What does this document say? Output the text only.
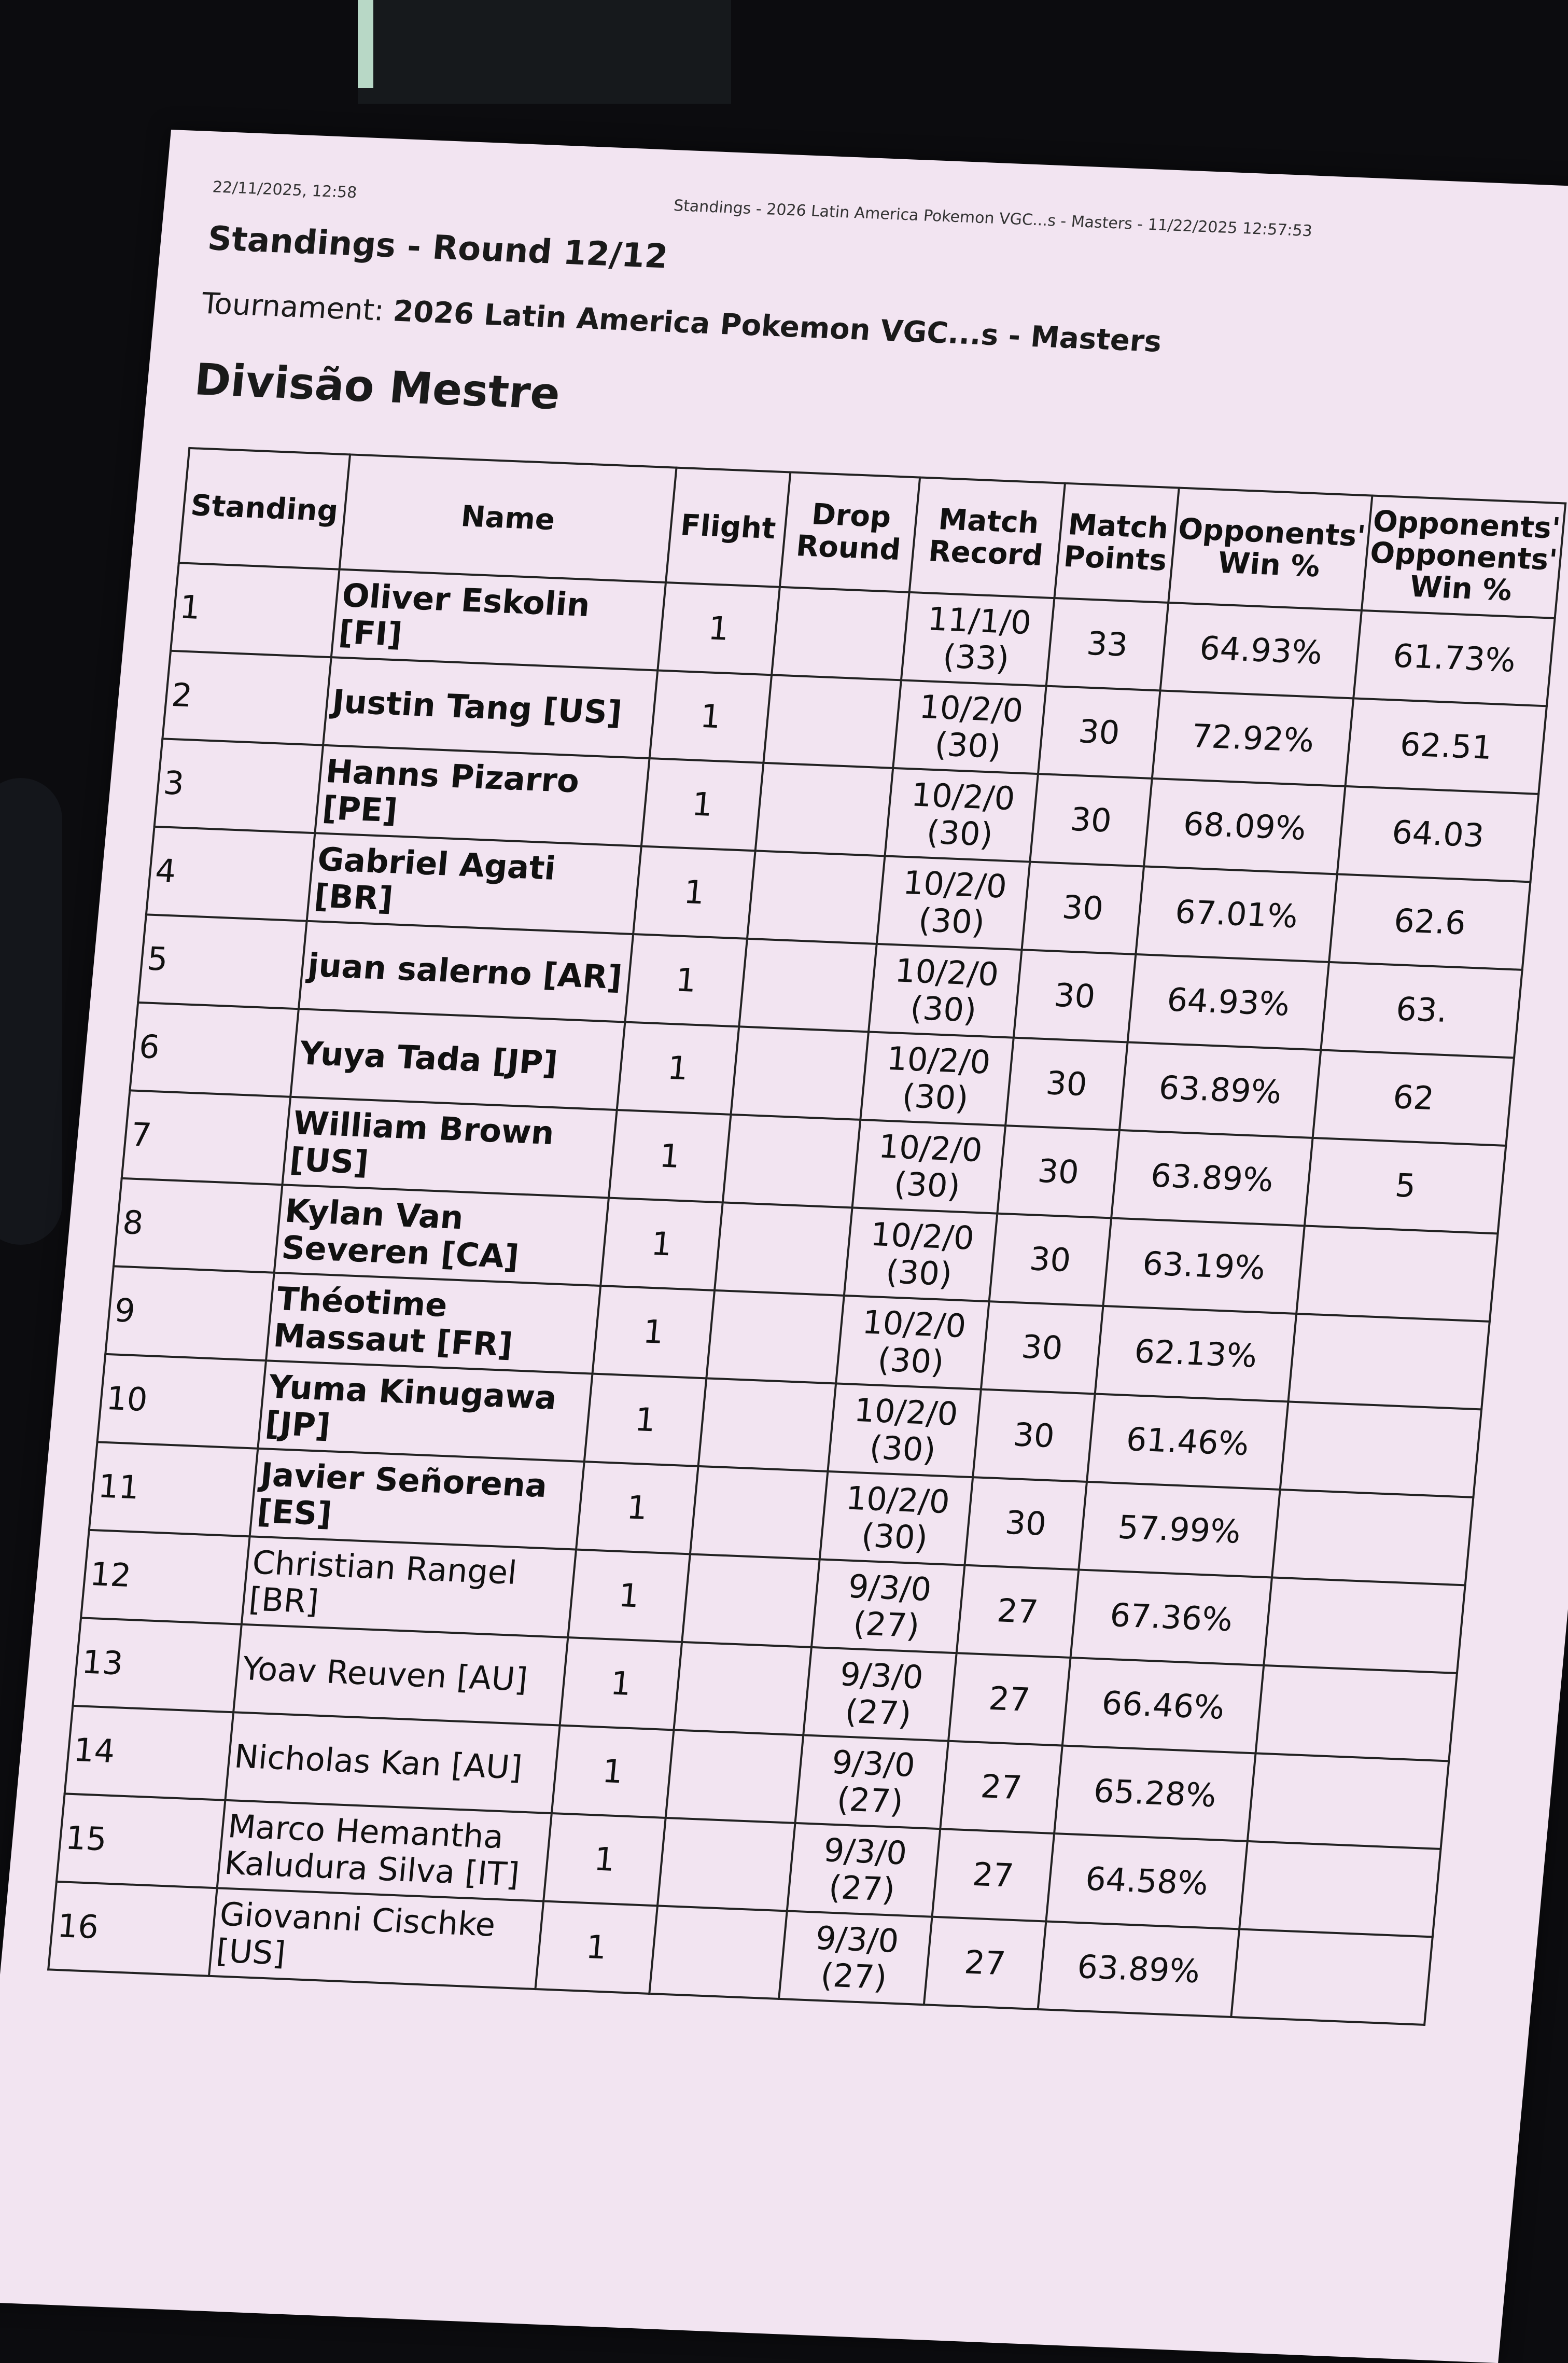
22/11/2025, 12:58
Standings - 2026 Latin America Pokemon VGC...s - Masters - 11/22/2025 12:57:53
Standings - Round 12/12
Tournament: 2026 Latin America Pokemon VGC...s - Masters
Divisão Mestre
Standing	Name	Flight	Drop Round	Match Record	Match Points	Opponents' Win %	Opponents' Opponents' Win %
1	Oliver Eskolin [FI]	1		11/1/0 (33)	33	64.93%	61.73%
2	Justin Tang [US]	1		10/2/0 (30)	30	72.92%	62.51
3	Hanns Pizarro [PE]	1		10/2/0 (30)	30	68.09%	64.03
4	Gabriel Agati [BR]	1		10/2/0 (30)	30	67.01%	62.6
5	juan salerno [AR]	1		10/2/0 (30)	30	64.93%	63.
6	Yuya Tada [JP]	1		10/2/0 (30)	30	63.89%	62
7	William Brown [US]	1		10/2/0 (30)	30	63.89%	5
8	Kylan Van Severen [CA]	1		10/2/0 (30)	30	63.19%	
9	Théotime Massaut [FR]	1		10/2/0 (30)	30	62.13%	
10	Yuma Kinugawa [JP]	1		10/2/0 (30)	30	61.46%	
11	Javier Señorena [ES]	1		10/2/0 (30)	30	57.99%	
12	Christian Rangel [BR]	1		9/3/0 (27)	27	67.36%	
13	Yoav Reuven [AU]	1		9/3/0 (27)	27	66.46%	
14	Nicholas Kan [AU]	1		9/3/0 (27)	27	65.28%	
15	Marco Hemantha Kaludura Silva [IT]	1		9/3/0 (27)	27	64.58%	
16	Giovanni Cischke [US]	1		9/3/0 (27)	27	63.89%	
